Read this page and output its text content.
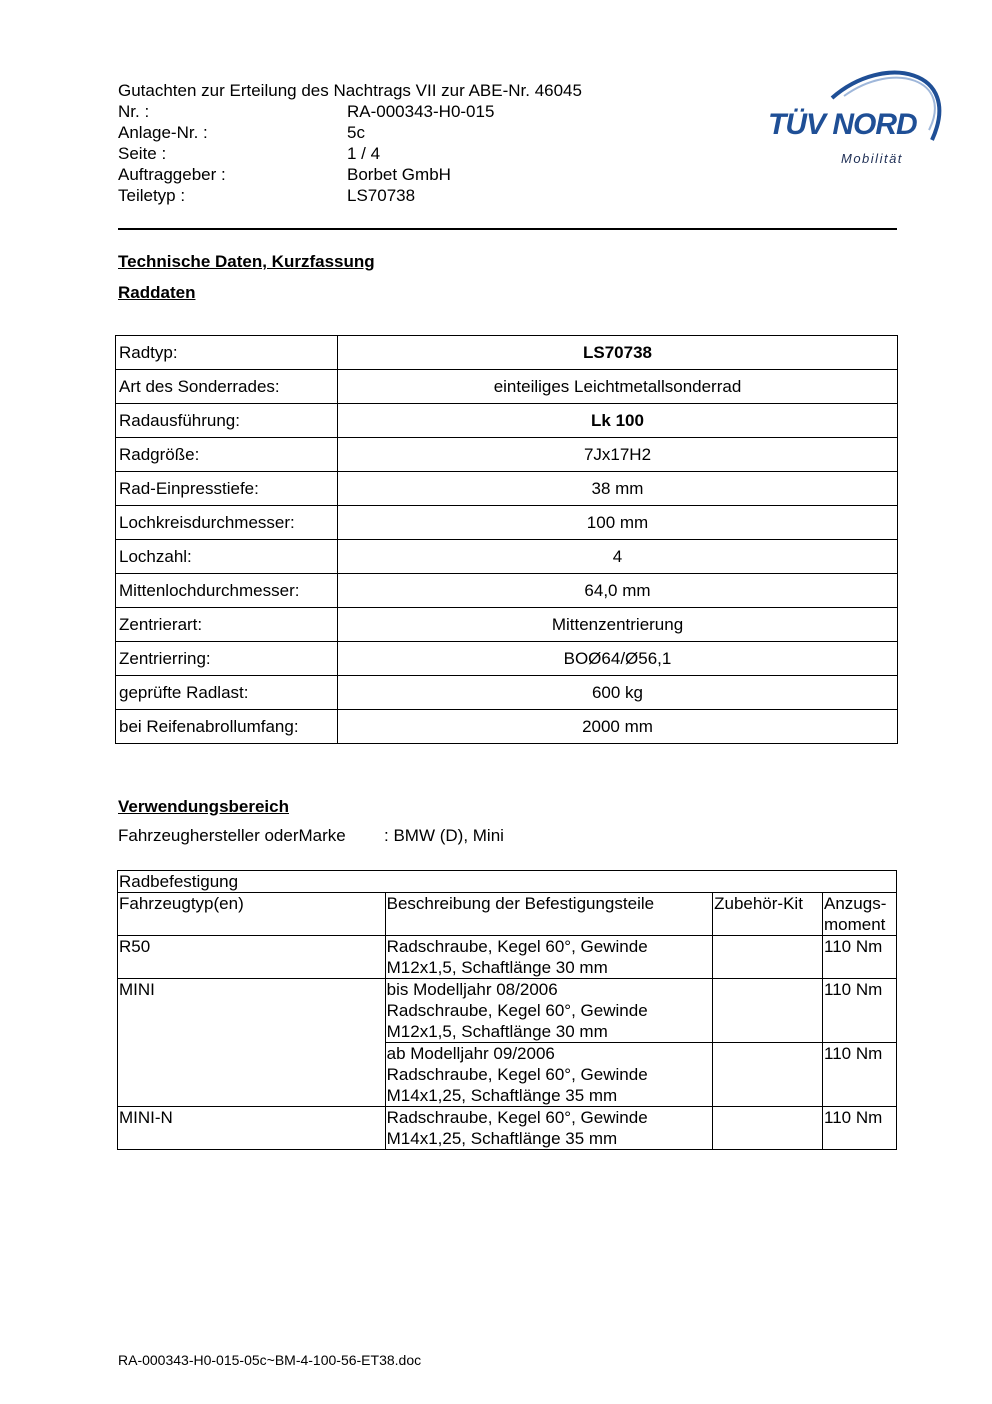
Gutachten zur Erteilung des Nachtrags VII zur ABE-Nr. 46045
Nr. :	RA-000343-H0-015
Anlage-Nr. :	5c
Seite :	1 / 4
Auftraggeber :	Borbet GmbH
Teiletyp :	LS70738
TÜV NORD
Mobilität
Technische Daten, Kurzfassung
Raddaten
Radtyp:	LS70738
Art des Sonderrades:	einteiliges Leichtmetallsonderrad
Radausführung:	Lk 100
Radgröße:	7Jx17H2
Rad-Einpresstiefe:	38 mm
Lochkreisdurchmesser:	100 mm
Lochzahl:	4
Mittenlochdurchmesser:	64,0 mm
Zentrierart:	Mittenzentrierung
Zentrierring:	BOØ64/Ø56,1
geprüfte Radlast:	600 kg
bei Reifenabrollumfang:	2000 mm
Verwendungsbereich
Fahrzeughersteller oderMarke : BMW (D), Mini
Radbefestigung			
Fahrzeugtyp(en)	Beschreibung der Befestigungsteile	Zubehör-Kit	Anzugs-
moment
R50	Radschraube, Kegel 60°, Gewinde
M12x1,5, Schaftlänge 30 mm		110 Nm
MINI	bis Modelljahr 08/2006
Radschraube, Kegel 60°, Gewinde
M12x1,5, Schaftlänge 30 mm		110 Nm
	ab Modelljahr 09/2006
Radschraube, Kegel 60°, Gewinde
M14x1,25, Schaftlänge 35 mm		110 Nm
MINI-N	Radschraube, Kegel 60°, Gewinde
M14x1,25, Schaftlänge 35 mm		110 Nm
RA-000343-H0-015-05c~BM-4-100-56-ET38.doc
